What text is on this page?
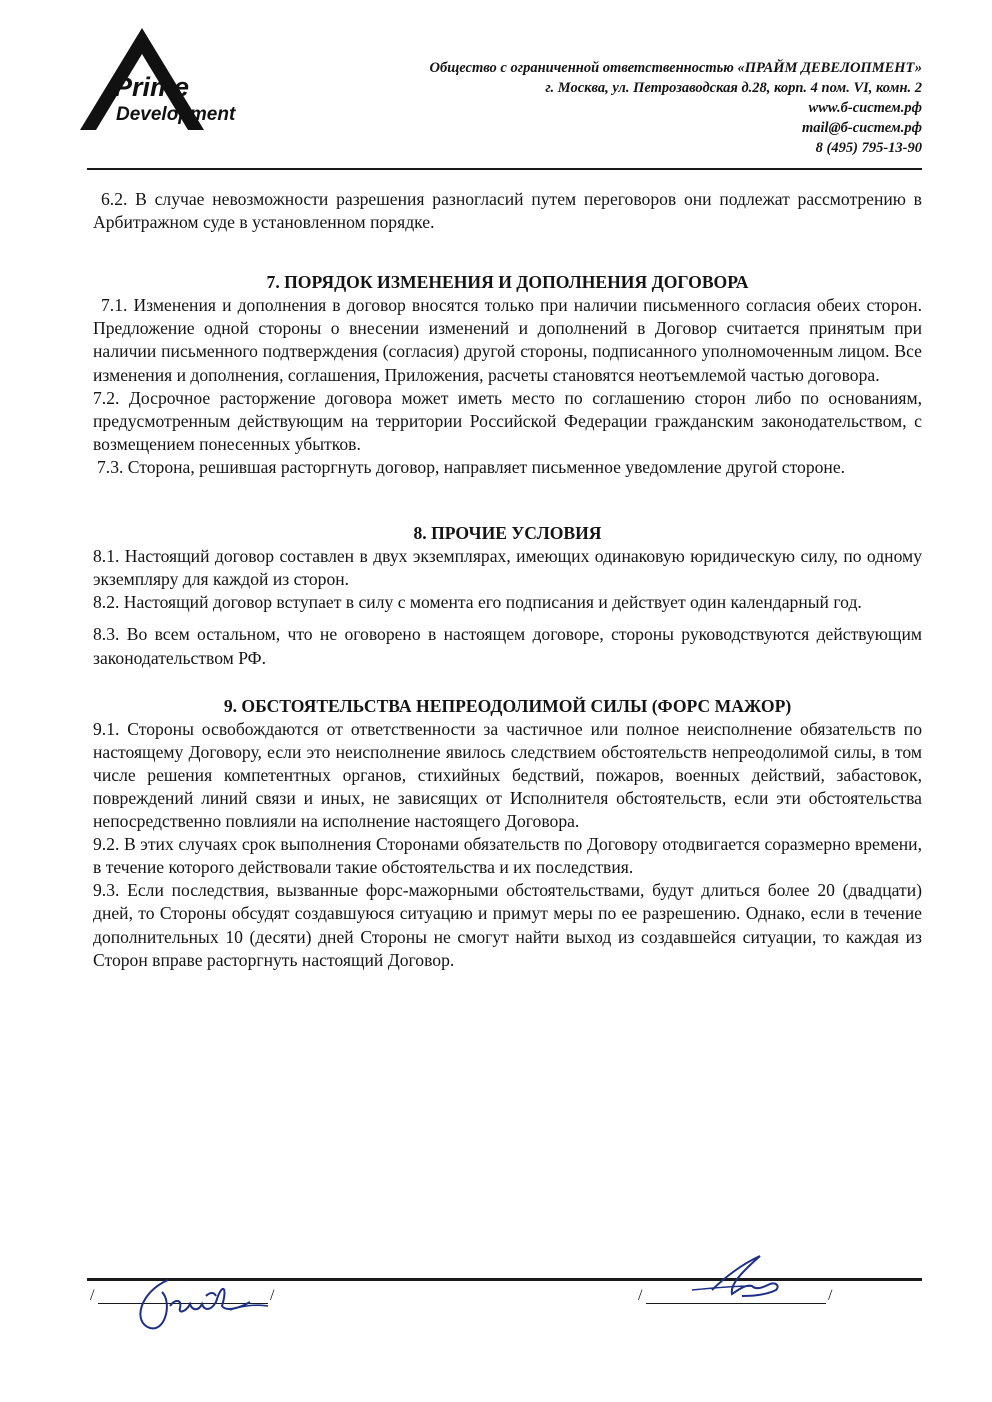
Prime
Development
Общество с ограниченной ответственностью «ПРАЙМ ДЕВЕЛОПМЕНТ»
г. Москва, ул. Петрозаводская д.28, корп. 4 пом. VI, комн. 2
www.б-систем.рф
mail@б-систем.рф
8 (495) 795-13-90

6.2. В случае невозможности разрешения разногласий путем переговоров они подлежат рассмотрению в Арбитражном суде в установленном порядке.

7. ПОРЯДОК ИЗМЕНЕНИЯ И ДОПОЛНЕНИЯ ДОГОВОРА

7.1. Изменения и дополнения в договор вносятся только при наличии письменного согласия обеих сторон. Предложение одной стороны о внесении изменений и дополнений в Договор считается принятым при наличии письменного подтверждения (согласия) другой стороны, подписанного уполномоченным лицом. Все изменения и дополнения, соглашения, Приложения, расчеты становятся неотъемлемой частью договора.

7.2. Досрочное расторжение договора может иметь место по соглашению сторон либо по основаниям, предусмотренным действующим на территории Российской Федерации гражданским законодательством, с возмещением понесенных убытков.

7.3. Сторона, решившая расторгнуть договор, направляет письменное уведомление другой стороне.

8. ПРОЧИЕ УСЛОВИЯ

8.1. Настоящий договор составлен в двух экземплярах, имеющих одинаковую юридическую силу, по одному экземпляру для каждой из сторон.

8.2. Настоящий договор вступает в силу с момента его подписания и действует один календарный год.

8.3. Во всем остальном, что не оговорено в настоящем договоре, стороны руководствуются действующим законодательством РФ.

9. ОБСТОЯТЕЛЬСТВА НЕПРЕОДОЛИМОЙ СИЛЫ (ФОРС МАЖОР)

9.1. Стороны освобождаются от ответственности за частичное или полное неисполнение обязательств по настоящему Договору, если это неисполнение явилось следствием обстоятельств непреодолимой силы, в том числе решения компетентных органов, стихийных бедствий, пожаров, военных действий, забастовок, повреждений линий связи и иных, не зависящих от Исполнителя обстоятельств, если эти обстоятельства непосредственно повлияли на исполнение настоящего Договора.

9.2. В этих случаях срок выполнения Сторонами обязательств по Договору отодвигается соразмерно времени, в течение которого действовали такие обстоятельства и их последствия.

9.3. Если последствия, вызванные форс-мажорными обстоятельствами, будут длиться более 20 (двадцати) дней, то Стороны обсудят создавшуюся ситуацию и примут меры по ее разрешению. Однако, если в течение дополнительных 10 (десяти) дней Стороны не смогут найти выход из создавшейся ситуации, то каждая из Сторон вправе расторгнуть настоящий Договор.

/	/	/	/
